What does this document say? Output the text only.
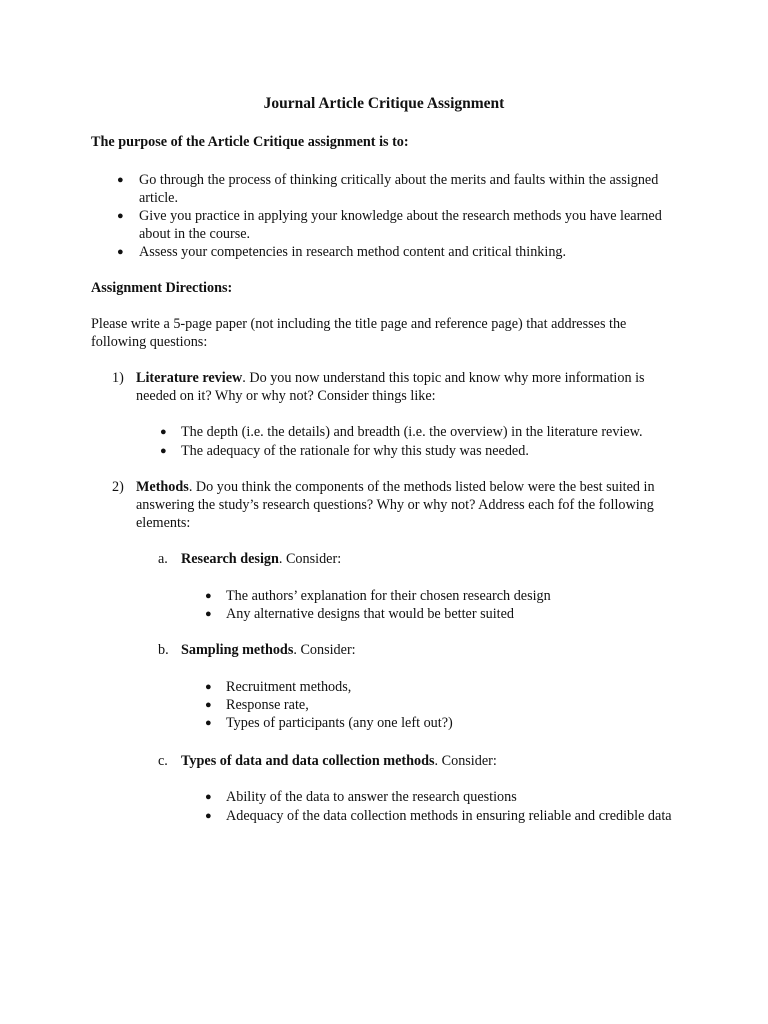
Journal Article Critique Assignment
The purpose of the Article Critique assignment is to:
● Go through the process of thinking critically about the merits and faults within the assigned article.
● Give you practice in applying your knowledge about the research methods you have learned about in the course.
● Assess your competencies in research method content and critical thinking.
Assignment Directions:
Please write a 5-page paper (not including the title page and reference page) that addresses the following questions:
1) Literature review. Do you now understand this topic and know why more information is needed on it? Why or why not? Consider things like:
● The depth (i.e. the details) and breadth (i.e. the overview) in the literature review.
● The adequacy of the rationale for why this study was needed.
2) Methods. Do you think the components of the methods listed below were the best suited in answering the study’s research questions? Why or why not? Address each fof the following elements:
a. Research design. Consider:
● The authors’ explanation for their chosen research design
● Any alternative designs that would be better suited
b. Sampling methods. Consider:
● Recruitment methods,
● Response rate,
● Types of participants (any one left out?)
c. Types of data and data collection methods. Consider:
● Ability of the data to answer the research questions
● Adequacy of the data collection methods in ensuring reliable and credible data
